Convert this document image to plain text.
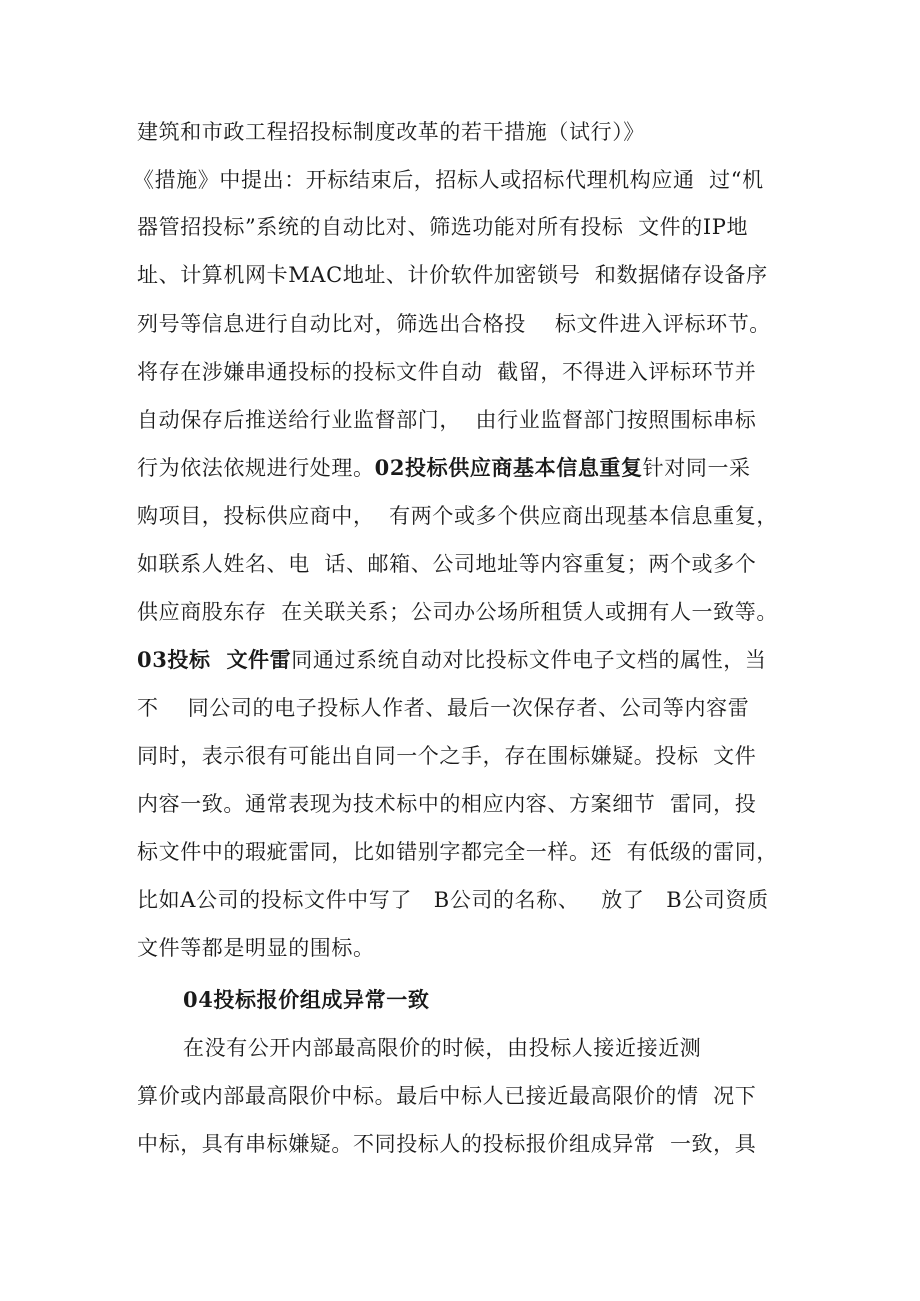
建筑和市政工程招投标制度改革的若干措施（试行）》
《措施》中提出：开标结束后，招标人或招标代理机构应通  过“机
器管招投标”系统的自动比对、筛选功能对所有投标  文件的IP地
址、计算机网卡MAC地址、计价软件加密锁号  和数据储存设备序
列号等信息进行自动比对，筛选出合格投    标文件进入评标环节。
将存在涉嫌串通投标的投标文件自动  截留，不得进入评标环节并
自动保存后推送给行业监督部门，  由行业监督部门按照围标串标
行为依法依规进行处理。02投标供应商基本信息重复针对同一采
购项目，投标供应商中，  有两个或多个供应商出现基本信息重复，
如联系人姓名、电  话、邮箱、公司地址等内容重复；两个或多个
供应商股东存  在关联关系；公司办公场所租赁人或拥有人一致等。
03投标  文件雷同通过系统自动对比投标文件电子文档的属性，当
不    同公司的电子投标人作者、最后一次保存者、公司等内容雷
同时，表示很有可能出自同一个之手，存在围标嫌疑。投标  文件
内容一致。通常表现为技术标中的相应内容、方案细节  雷同，投
标文件中的瑕疵雷同，比如错别字都完全一样。还  有低级的雷同，
比如A公司的投标文件中写了   B公司的名称、   放了   B公司资质
文件等都是明显的围标。
04投标报价组成异常一致
在没有公开内部最高限价的时候，由投标人接近接近测
算价或内部最高限价中标。最后中标人已接近最高限价的情  况下
中标，具有串标嫌疑。不同投标人的投标报价组成异常  一致，具
